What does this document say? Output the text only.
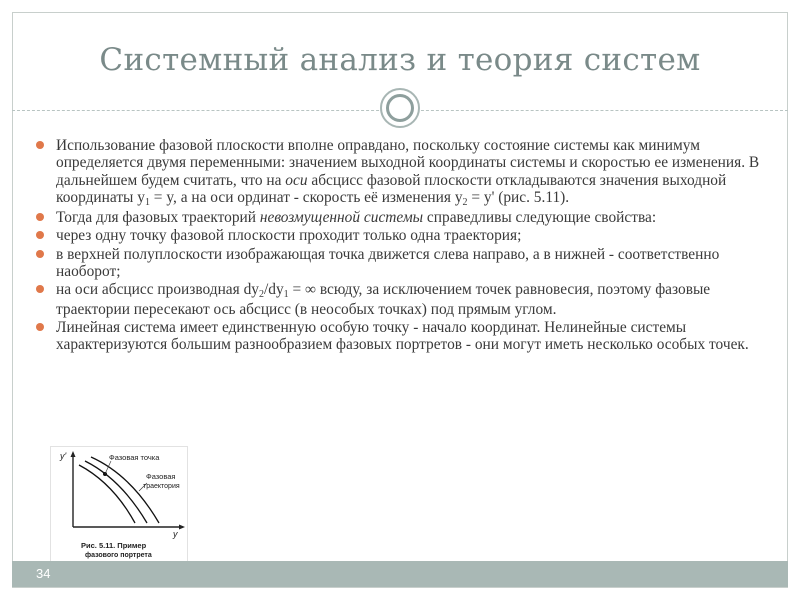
Системный анализ и теория систем
Использование фазовой плоскости вполне оправдано, поскольку состояние системы как минимум определяется двумя переменными: значением выходной координаты системы и скоростью ее изменения. В дальнейшем будем считать, что на оси абсцисс фазовой плоскости откладываются значения выходной координаты y1 = y, а на оси ординат - скорость её изменения y2 = y' (рис. 5.11).
Тогда для фазовых траекторий невозмущенной системы справедливы следующие свойства:
через одну точку фазовой плоскости проходит только одна траектория;
в верхней полуплоскости изображающая точка движется слева направо, а в нижней - соответственно наоборот;
на оси абсцисс производная dy2/dy1 = ∞ всюду, за исключением точек равновесия, поэтому фазовые траектории пересекают ось абсцисс (в неособых точках) под прямым углом.
Линейная система имеет единственную особую точку - начало координат. Нелинейные системы характеризуются большим разнообразием фазовых портретов - они могут иметь несколько особых точек.
y'
y
Фазовая точка
Фазовая
траектория
Рис. 5.11. Пример
фазового портрета
34
